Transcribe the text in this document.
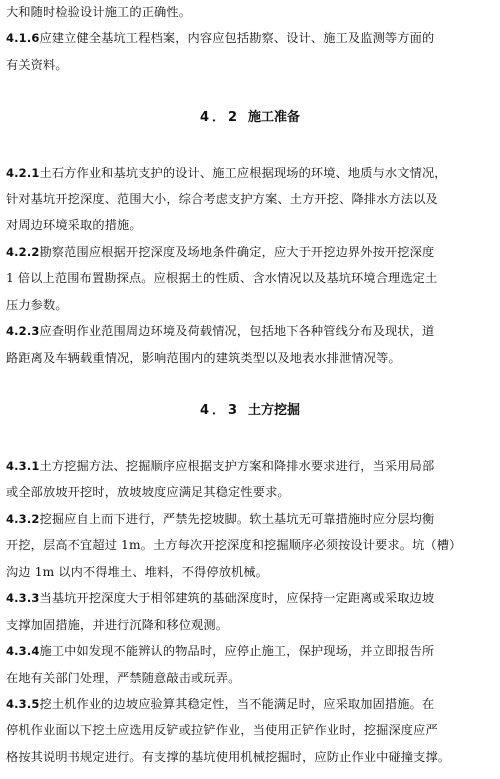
大和随时检验设计施工的正确性。
4.1.6应建立健全基坑工程档案，内容应包括勘察、设计、施工及监测等方面的
有关资料。
4．2 施工准备
4.2.1土石方作业和基坑支护的设计、施工应根据现场的环境、地质与水文情况，
针对基坑开挖深度、范围大小，综合考虑支护方案、土方开挖、降排水方法以及
对周边环境采取的措施。
4.2.2勘察范围应根据开挖深度及场地条件确定，应大于开挖边界外按开挖深度
1 倍以上范围布置勘探点。应根据土的性质、含水情况以及基坑环境合理选定土
压力参数。
4.2.3应查明作业范围周边环境及荷载情况，包括地下各种管线分布及现状，道
路距离及车辆载重情况，影响范围内的建筑类型以及地表水排泄情况等。
4．3 土方挖掘
4.3.1土方挖掘方法、挖掘顺序应根据支护方案和降排水要求进行，当采用局部
或全部放坡开挖时，放坡坡度应满足其稳定性要求。
4.3.2挖掘应自上而下进行，严禁先挖坡脚。软土基坑无可靠措施时应分层均衡
开挖，层高不宜超过 1m。土方每次开挖深度和挖掘顺序必须按设计要求。坑（槽）
沟边 1m 以内不得堆土、堆料，不得停放机械。
4.3.3当基坑开挖深度大于相邻建筑的基础深度时，应保持一定距离或采取边坡
支撑加固措施，并进行沉降和移位观测。
4.3.4施工中如发现不能辨认的物品时，应停止施工，保护现场，并立即报告所
在地有关部门处理，严禁随意敲击或玩弄。
4.3.5挖土机作业的边坡应验算其稳定性，当不能满足时，应采取加固措施。在
停机作业面以下挖土应选用反铲或拉铲作业，当使用正铲作业时，挖掘深度应严
格按其说明书规定进行。有支撑的基坑使用机械挖掘时，应防止作业中碰撞支撑。
